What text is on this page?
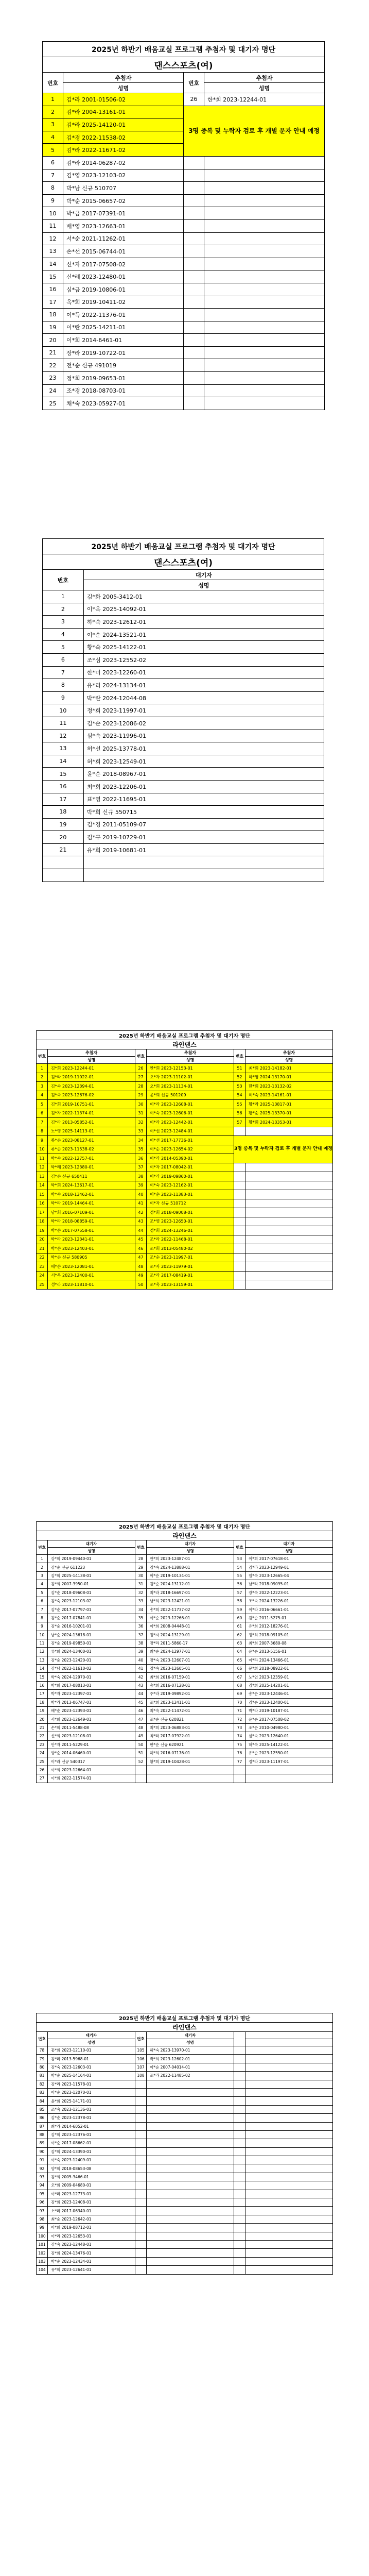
2025년 하반기 배움교실 프로그램 추첨자 및 대기자 명단			
댄스스포츠(여)			
번호	추첨자	번호	추첨자
	성명		성명
1	김*라 2001-01506-02	26	한*희 2023-12244-01
2	김*라 2004-13161-01	3명 중복 및 누락자 검토 후 개별 문자 안내 예정	
3	김*라 2025-14120-01		
4	김*경 2022-11538-02		
5	김*라 2022-11671-02		
6	김*라 2014-06287-02		
7	김*영 2023-12103-02		
8	박*남 신규 510707		
9	박*순 2015-06657-02		
10	박*금 2017-07391-01		
11	배*영 2023-12663-01		
12	서*순 2021-11262-01		
13	손*선 2015-06744-01		
14	신*자 2017-07508-02		
15	신*례 2023-12480-01		
16	심*금 2019-10806-01		
17	옥*희 2019-10411-02		
18	이*득 2022-11376-01		
19	이*란 2025-14211-01		
20	이*희 2014-6461-01		
21	장*라 2019-10722-01		
22	전*순 신규 491019		
23	정*희 2019-09653-01		
24	조*경 2018-08703-01		
25	채*숙 2023-05927-01		
2025년 하반기 배움교실 프로그램 추첨자 및 대기자 명단	
댄스스포츠(여)	
번호	대기자
	성명
1	김*화 2005-3412-01
2	이*옥 2025-14092-01
3	하*숙 2023-12612-01
4	이*순 2024-13521-01
5	황*숙 2025-14122-01
6	조*심 2023-12552-02
7	한*미 2023-12260-01
8	유*리 2024-13134-01
9	박*란 2024-12044-08
10	정*희 2023-11997-01
11	김*순 2023-12086-02
12	심*숙 2023-11996-01
13	허*선 2025-13778-01
14	허*희 2023-12549-01
15	윤*순 2018-08967-01
16	최*희 2023-12206-01
17	표*영 2022-11695-01
18	박*희 신규 550715
19	김*경 2011-05109-07
20	김*구 2019-10729-01
21	유*희 2019-10681-01

2025년 하반기 배움교실 프로그램 추첨자 및 대기자 명단					
라인댄스					
번호	추첨자	번호	추첨자	번호	추첨자
	성명		성명		성명
1	김*희 2023-12244-01	26	안*희 2023-12153-01	51	최*희 2023-14182-01
2	김*라 2019-11022-01	27	오*자 2023-11102-01	52	하*영 2024-13170-01
3	김*숙 2023-12394-01	28	오*희 2023-11134-01	53	한*희 2023-13132-02
4	김*숙 2023-12676-02	29	윤*희 신규 501209	54	허*숙 2023-14161-01
5	김*희 2019-10751-01	30	이*라 2023-12608-01	55	황*라 2025-13817-01
6	김*자 2022-11374-01	31	이*숙 2023-12606-01	56	황*순 2025-13370-01
7	김*라 2013-05852-01	32	이*라 2023-12442-01	57	황*희 2024-13353-01
8	노*영 2025-14113-01	33	이*선 2023-12484-01		
9	류*순 2023-08127-01	34	이*선 2017-17736-01	3명 중복 및 누락자 검토 후 개별 문자 안내 예정	
10	류*순 2023-11538-02	35	이*순 2023-12654-02		
11	박*숙 2022-12757-01	36	이*라 2014-05390-01		
12	박*례 2023-12380-01	37	이*자 2017-08042-01		
13	김*순 신규 650411	38	이*라 2019-09860-01		
14	박*희 2024-13617-01	39	이*숙 2023-12162-01		
15	박*숙 2018-13462-01	40	이*순 2023-11383-01		
16	박*라 2019-14464-01	41	이*자 신규 510712		
17	남*희 2016-07109-01	42	정*희 2018-09008-01		
18	박*라 2018-08859-01	43	조*영 2023-12650-01		
19	박*순 2017-07558-01	44	정*희 2024-13246-01		
20	박*라 2023-12341-01	45	조*라 2022-11468-01		
21	박*순 2023-12403-01	46	조*희 2013-05480-02		
22	박*순 신규 580905	47	조*순 2023-11997-01		
23	배*순 2023-12081-01	48	조*자 2023-11979-01		
24	서*옥 2023-12400-01	49	조*라 2017-08419-01		
25	성*라 2023-11810-01	50	조*옥 2023-13159-01		
2025년 하반기 배움교실 프로그램 추첨자 및 대기자 명단					
라인댄스					
번호	대기자	번호	대기자	번호	대기자
	성명		성명		성명
1	강*희 2019-09440-01	28	안*희 2023-12487-01	53	이*희 2017-07618-01
2	김*순 신규 611223	29	김*숙 2024-13888-01	54	김*라 2023-12949-01
3	김*희 2025-14138-01	30	이*순 2019-10134-01	55	임*숙 2023-12665-04
4	김*희 2007-3950-01	31	김*순 2024-13112-01	56	남*라 2018-09095-01
5	김*순 2018-09608-01	32	최*라 2018-16697-01	57	장*숙 2022-12223-01
6	김*숙 2023-12103-02	33	남*희 2023-12421-01	58	조*숙 2024-13226-01
7	김*순 2017-07797-01	34	송*희 2022-11737-02	59	이*라 2016-06661-01
8	김*순 2017-07841-01	35	이*순 2023-12266-01	60	김*순 2011-5275-01
9	김*순 2016-10201-01	36	이*희 2008-04448-01	61	유*희 2012-18276-01
10	남*순 2024-13618-01	37	정*자 2024-13129-01	62	정*희 2018-09105-01
11	김*순 2019-09850-01	38	장*라 2011-5860-17	63	최*희 2007-3680-08
12	류*희 2024-13400-01	39	최*순 2024-12977-01	64	윤*순 2013-5156-01
13	김*순 2023-12420-01	40	장*숙 2023-12607-01	65	이*라 2024-13466-01
14	김*남 2022-11610-02	41	정*숙 2023-12605-01	66	문*희 2018-08922-01
15	박*숙 2024-12970-01	42	최*희 2016-07159-01	67	노*연 2023-12359-01
16	박*희 2017-08013-01	43	송*희 2016-07128-01	68	김*희 2025-14201-01
17	박*자 2023-12397-01	44	주*라 2019-09892-01	69	송*순 2023-12446-01
18	박*라 2013-06747-01	45	조*희 2023-12411-01	70	김*순 2023-12400-01
19	배*순 2023-12393-01	46	최*숙 2022-11472-01	71	박*라 2019-10187-01
20	서*희 2023-12649-01	47	조*순 신규 620821	72	윤*순 2017-07508-02
21	손*희 2011-5488-08	48	최*희 2023-06883-01	73	조*순 2010-04980-01
22	신*희 2023-12108-01	49	최*라 2017-07922-01	74	심*숙 2023-12640-01
23	안*자 2011-5229-01	50	한*순 신규 620921	75	허*숙 2025-14122-01
24	양*순 2014-06460-01	51	허*희 2016-07176-01	76	유*순 2023-12550-01
25	이*라 신규 540317	52	황*희 2019-10428-01	77	정*라 2023-11197-01
26	이*희 2023-12664-01				
27	이*희 2022-11574-01				
2025년 하반기 배움교실 프로그램 추첨자 및 대기자 명단					
라인댄스					
번호	대기자	번호	대기자		
	성명		성명		
78	홍*희 2023-12110-01	105	허*숙 2023-13970-01		
79	김*라 2013-5968-01	106	박*희 2023-12602-01		
80	김*숙 2023-12603-01	107	이*순 2007-04014-01		
81	박*순 2025-14164-01	108	조*라 2022-11485-02		
82	김*라 2023-11578-01				
83	이*순 2023-12070-01				
84	윤*희 2025-14171-01				
85	조*숙 2023-12136-01				
86	김*순 2023-12378-01				
87	최*라 2014-6052-01				
88	김*희 2023-12376-01				
89	이*순 2017-08662-01				
90	김*희 2024-13390-01				
91	이*숙 2023-12409-01				
92	양*희 2018-08653-08				
93	김*희 2005-3466-01				
94	오*희 2009-04680-01				
95	이*라 2023-12773-01				
96	김*희 2023-12408-01				
97	소*라 2017-06340-01				
98	최*순 2023-12642-01				
99	이*희 2019-08712-01				
100	이*라 2023-12653-01				
101	김*숙 2023-12448-01				
102	김*희 2024-13476-01				
103	박*순 2023-12434-01				
104	유*희 2023-12641-01				
